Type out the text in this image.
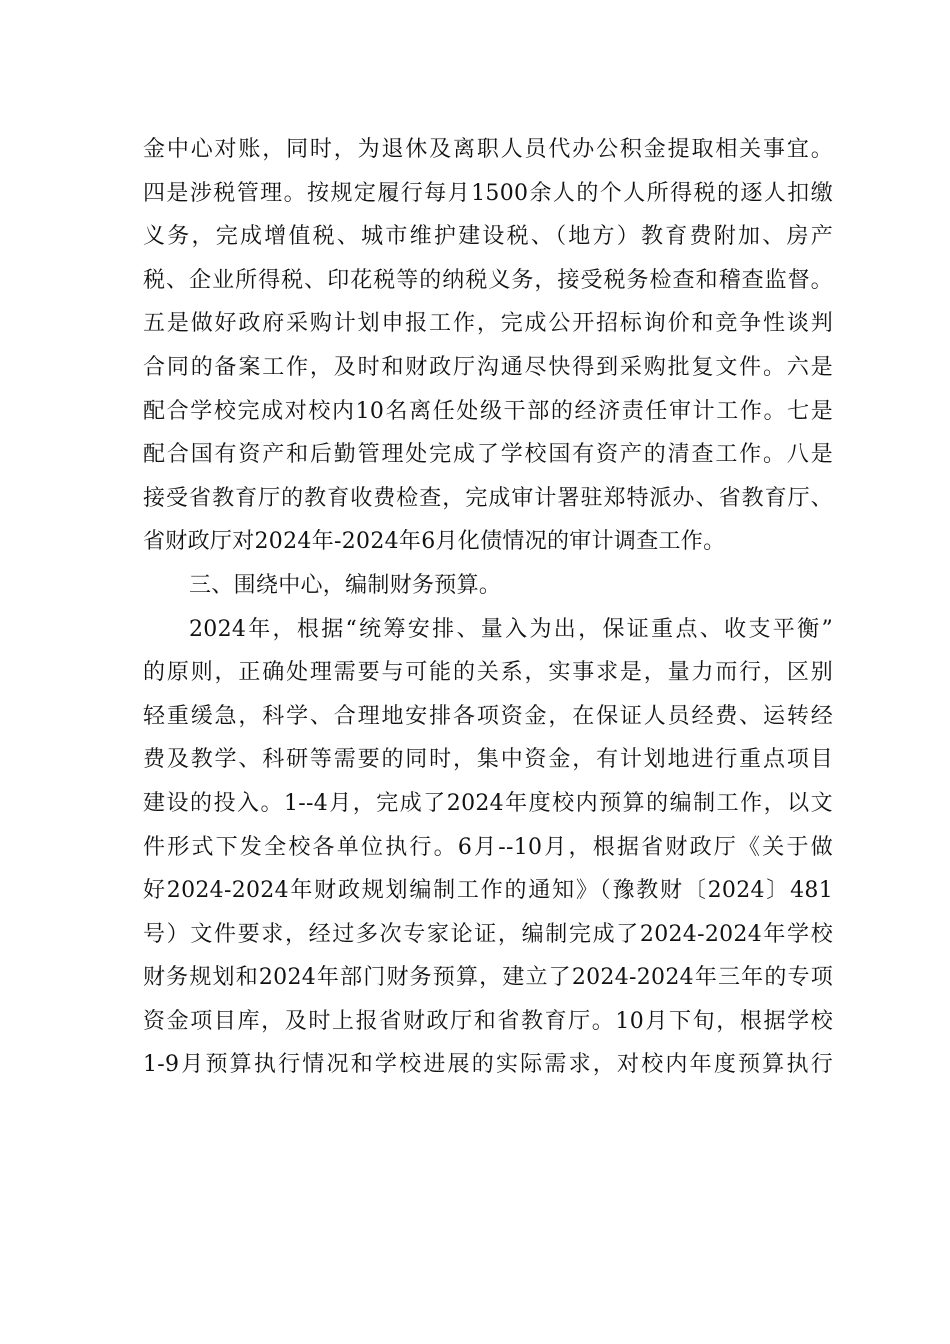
金中心对账，同时，为退休及离职人员代办公积金提取相关事宜。
四是涉税管理。按规定履行每月1500余人的个人所得税的逐人扣缴
义务，完成增值税、城市维护建设税、（地方）教育费附加、房产
税、企业所得税、印花税等的纳税义务，接受税务检查和稽查监督。
五是做好政府采购计划申报工作，完成公开招标询价和竞争性谈判
合同的备案工作，及时和财政厅沟通尽快得到采购批复文件。六是
配合学校完成对校内10名离任处级干部的经济责任审计工作。七是
配合国有资产和后勤管理处完成了学校国有资产的清查工作。八是
接受省教育厅的教育收费检查，完成审计署驻郑特派办、省教育厅、
省财政厅对2024年-2024年6月化债情况的审计调查工作。
三、围绕中心，编制财务预算。
2024年，根据“统筹安排、量入为出，保证重点、收支平衡”
的原则，正确处理需要与可能的关系，实事求是，量力而行，区别
轻重缓急，科学、合理地安排各项资金，在保证人员经费、运转经
费及教学、科研等需要的同时，集中资金，有计划地进行重点项目
建设的投入。1--4月，完成了2024年度校内预算的编制工作，以文
件形式下发全校各单位执行。6月--10月，根据省财政厅《关于做
好2024-2024年财政规划编制工作的通知》（豫教财〔2024〕481
号）文件要求，经过多次专家论证，编制完成了2024-2024年学校
财务规划和2024年部门财务预算，建立了2024-2024年三年的专项
资金项目库，及时上报省财政厅和省教育厅。10月下旬，根据学校
1-9月预算执行情况和学校进展的实际需求，对校内年度预算执行
